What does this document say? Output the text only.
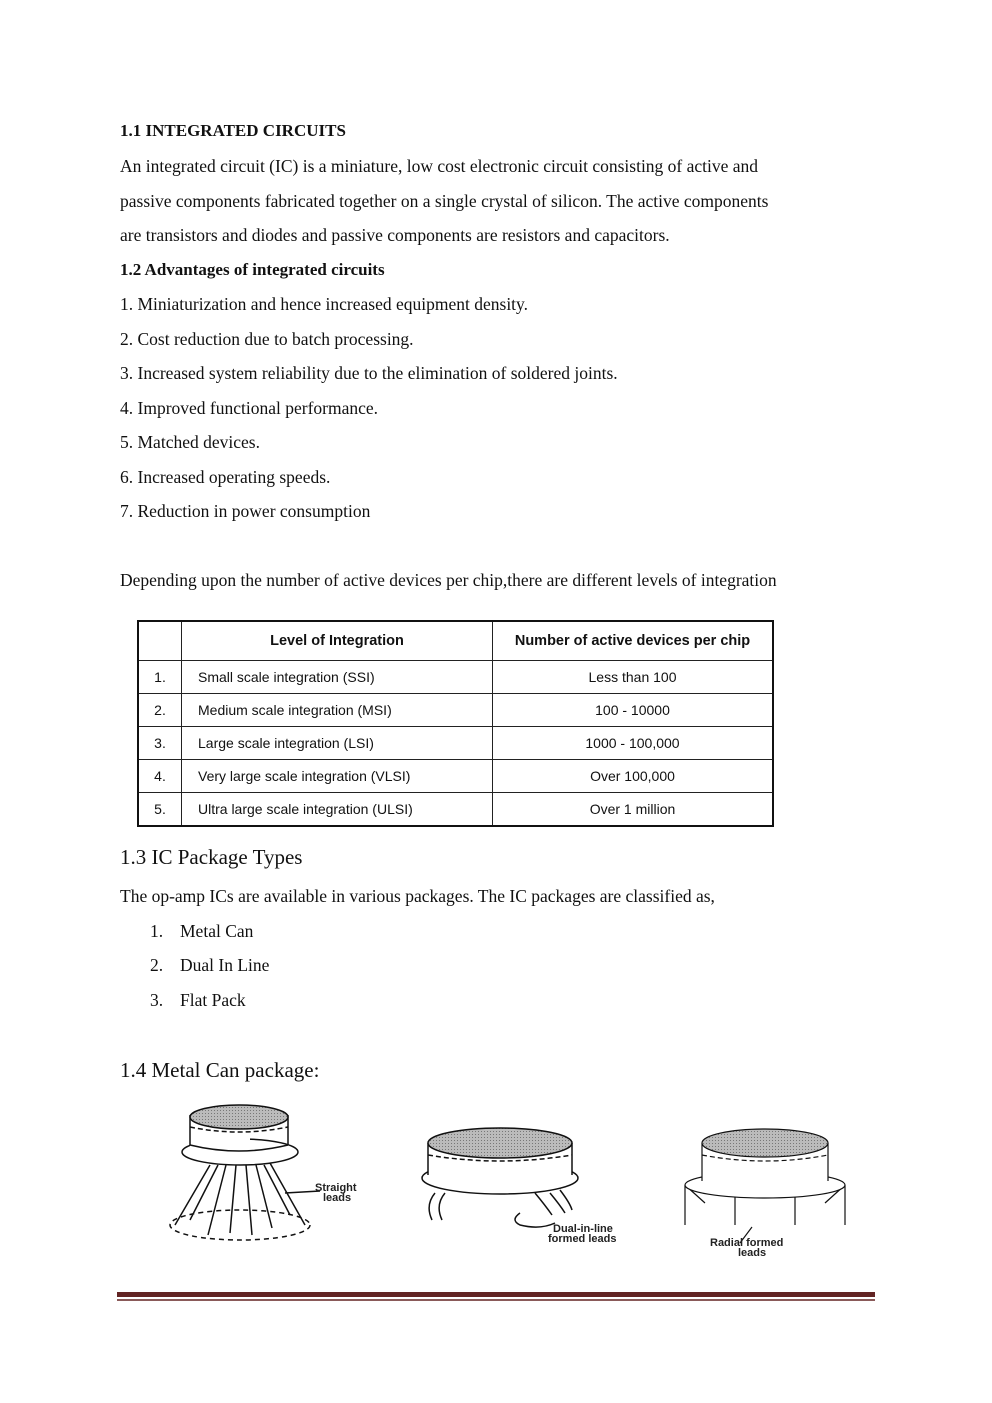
1.1 INTEGRATED CIRCUITS
An integrated circuit (IC) is a miniature, low cost electronic circuit consisting of active and
passive components fabricated together on a single crystal of silicon. The active components
are transistors and diodes and passive components are resistors and capacitors.
1.2 Advantages of integrated circuits
1. Miniaturization and hence increased equipment density.
2. Cost reduction due to batch processing.
3. Increased system reliability due to the elimination of soldered joints.
4. Improved functional performance.
5. Matched devices.
6. Increased operating speeds.
7. Reduction in power consumption
Depending upon the number of active devices per chip,there are different levels of integration
	Level of Integration	Number of active devices per chip
1.	Small scale integration (SSI)	Less than 100
2.	Medium scale integration (MSI)	100 - 10000
3.	Large scale integration (LSI)	1000 - 100,000
4.	Very large scale integration (VLSI)	Over 100,000
5.	Ultra large scale integration (ULSI)	Over 1 million
1.3 IC Package Types
The op-amp ICs are available in various packages. The IC packages are classified as,
1. Metal Can
2. Dual In Line
3. Flat Pack
1.4 Metal Can package:
Straight
leads
Dual-in-line
formed leads	Radial formed
leads
